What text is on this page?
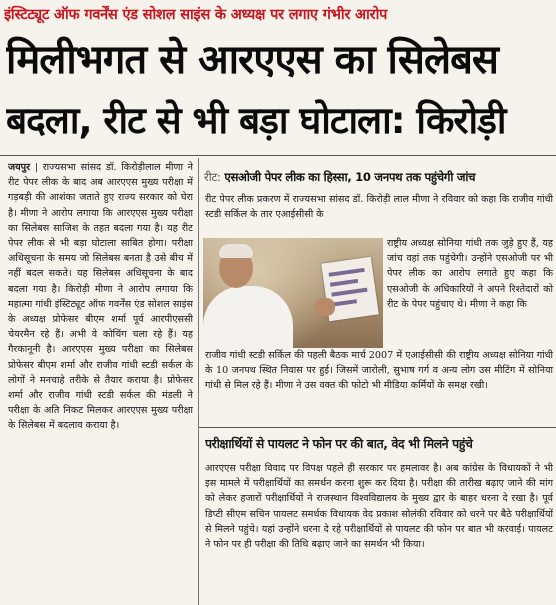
इंस्टिट्यूट ऑफ गवर्नेंस एंड सोशल साइंस के अध्यक्ष पर लगाए गंभीर आरोप
मिलीभगत से आरएएस का सिलेबस
बदला, रीट से भी बड़ा घोटाला: किरोड़ी
जयपुर | राज्यसभा सांसद डॉ. किरोड़ीलाल मीणा ने रीट पेपर लीक के बाद अब आरएएस मुख्य परीक्षा में गड़बड़ी की आशंका जताते हुए राज्य सरकार को घेरा है। मीणा ने आरोप लगाया कि आरएएस मुख्य परीक्षा का सिलेबस साजिश के तहत बदला गया है। यह रीट पेपर लीक से भी बड़ा घोटाला साबित होगा। परीक्षा अधिसूचना के समय जो सिलेबस बनता है उसे बीच में नहीं बदल सकते। यह सिलेबस अधिसूचना के बाद बदला गया है। किरोड़ी मीणा ने आरोप लगाया कि महात्मा गांधी इंस्टिट्यूट ऑफ गवर्नेंस एंड सोशल साइंस के अध्यक्ष प्रोफेसर बीएम शर्मा पूर्व आरपीएससी चेयरमैन रहे हैं। अभी वे कोचिंग चला रहे हैं। यह गैरकानूनी है। आरएएस मुख्य परीक्षा का सिलेबस प्रोफेसर बीएम शर्मा और राजीव गांधी स्टडी सर्कल के लोगों ने मनचाहे तरीके से तैयार कराया है। प्रोफेसर शर्मा और राजीव गांधी स्टडी सर्कल की मंडली ने परीक्षा के अति निकट मिलकर आरएएस मुख्य परीक्षा के सिलेबस में बदलाव कराया है।
रीट: एसओजी पेपर लीक का हिस्सा, 10 जनपथ तक पहुंचेगी जांच
रीट पेपर लीक प्रकरण में राज्यसभा सांसद डॉ. किरोड़ी लाल मीणा ने रविवार को कहा कि राजीव गांधी स्टडी सर्किल के तार एआईसीसी के
राष्ट्रीय अध्यक्ष सोनिया गांधी तक जुड़े हुए हैं, यह जांच वहां तक पहुंचेगी। उन्होंने एसओजी पर भी पेपर लीक का आरोप लगाते हुए कहा कि एसओजी के अधिकारियों ने अपने रिश्तेदारों को रीट के पेपर पहुंचाए थे। मीणा ने कहा कि
राजीव गांधी स्टडी सर्किल की पहली बैठक मार्च 2007 में एआईसीसी की राष्ट्रीय अध्यक्ष सोनिया गांधी के 10 जनपथ स्थित निवास पर हुई। जिसमें जारोली, सुभाष गर्ग व अन्य लोग उस मीटिंग में सोनिया गांधी से मिल रहे हैं। मीणा ने उस वक्त की फोटो भी मीडिया कर्मियों के समक्ष रखी।
परीक्षार्थियों से पायलट ने फोन पर की बात, वेद भी मिलने पहुंचे
आरएएस परीक्षा विवाद पर विपक्ष पहले ही सरकार पर हमलावर है। अब कांग्रेस के विधायकों ने भी इस मामले में परीक्षार्थियों का समर्थन करना शुरू कर दिया है। परीक्षा की तारीख बढ़ाए जाने की मांग को लेकर हजारों परीक्षार्थियों ने राजस्थान विश्वविद्यालय के मुख्य द्वार के बाहर धरना दे रखा है। पूर्व डिप्टी सीएम सचिन पायलट समर्थक विधायक वेद प्रकाश सोलंकी रविवार को धरने पर बैठे परीक्षार्थियों से मिलने पहुंचे। यहां उन्होंने धरना दे रहे परीक्षार्थियों से पायलट की फोन पर बात भी करवाई। पायलट ने फोन पर ही परीक्षा की तिथि बढ़ाए जाने का समर्थन भी किया।
